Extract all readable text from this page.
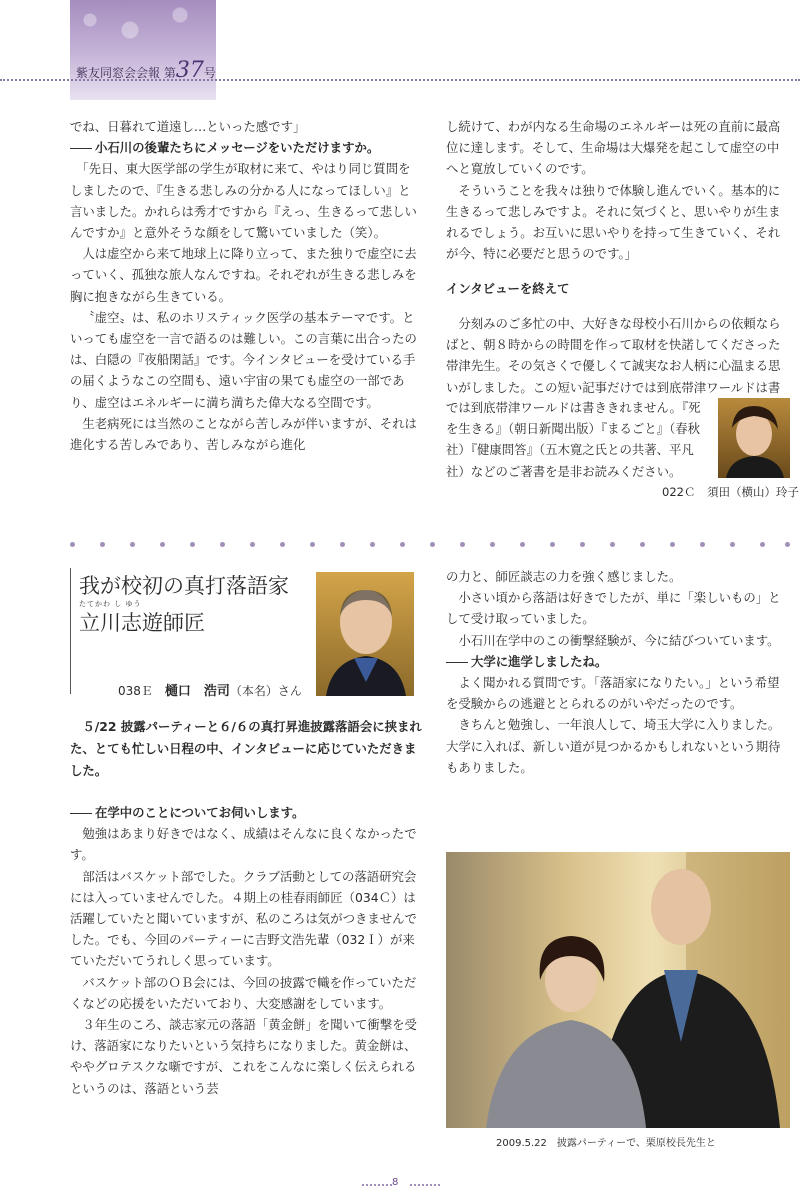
紫友同窓会会報 第37号

でね、日暮れて道遠し…といった感です」

小石川の後輩たちにメッセージをいただけますか。

「先日、東大医学部の学生が取材に来て、やはり同じ質問をしましたので、『生きる悲しみの分かる人になってほしい』と言いました。かれらは秀才ですから『えっ、生きるって悲しいんですか』と意外そうな顔をして驚いていました（笑）。

人は虚空から来て地球上に降り立って、また独りで虚空に去っていく、孤独な旅人なんですね。それぞれが生きる悲しみを胸に抱きながら生きている。

〝虚空〟は、私のホリスティック医学の基本テーマです。といっても虚空を一言で語るのは難しい。この言葉に出合ったのは、白隠の『夜船閑話』です。今インタビューを受けている手の届くようなこの空間も、遠い宇宙の果ても虚空の一部であり、虚空はエネルギーに満ち満ちた偉大なる空間です。

生老病死には当然のことながら苦しみが伴いますが、それは進化する苦しみであり、苦しみながら進化

し続けて、わが内なる生命場のエネルギーは死の直前に最高位に達します。そして、生命場は大爆発を起こして虚空の中へと寛放していくのです。

そういうことを我々は独りで体験し進んでいく。基本的に生きるって悲しみですよ。それに気づくと、思いやりが生まれるでしょう。お互いに思いやりを持って生きていく、それが今、特に必要だと思うのです。」

インタビューを終えて

分刻みのご多忙の中、大好きな母校小石川からの依頼ならばと、朝８時からの時間を作って取材を快諾してくださった帯津先生。その気さくで優しくて誠実なお人柄に心温まる思いがしました。この短い記事だけでは到底帯津ワールドは書

では到底帯津ワールドは書ききれません。『死を生きる』（朝日新聞出版）『まるごと』（春秋社）『健康問答』（五木寛之氏との共著、平凡社）などのご著書を是非お読みください。

022Ｃ　 須田（横山）玲子
我が校初の真打落語家
たてかわ し ゆう
立川志遊師匠
038Ｅ 樋口　浩司（本名）さん

５/22 披露パーティーと６/６の真打昇進披露落語会に挟まれた、とても忙しい日程の中、インタビューに応じていただきました。

在学中のことについてお伺いします。

勉強はあまり好きではなく、成績はそんなに良くなかったです。

部活はバスケット部でした。クラブ活動としての落語研究会には入っていませんでした。４期上の桂春雨師匠（034Ｃ）は活躍していたと聞いていますが、私のころは気がつきませんでした。でも、今回のパーティーに吉野文浩先輩（032Ｉ）が来ていただいてうれしく思っています。

バスケット部のＯＢ会には、今回の披露で幟を作っていただくなどの応援をいただいており、大変感謝をしています。

３年生のころ、談志家元の落語「黄金餅」を聞いて衝撃を受け、落語家になりたいという気持ちになりました。黄金餅は、ややグロテスクな噺ですが、これをこんなに楽しく伝えられるというのは、落語という芸

の力と、師匠談志の力を強く感じました。

小さい頃から落語は好きでしたが、単に「楽しいもの」として受け取っていました。

小石川在学中のこの衝撃経験が、今に結びついています。

大学に進学しましたね。

よく聞かれる質問です。「落語家になりたい。」という希望を受験からの逃避ととられるのがいやだったのです。

きちんと勉強し、一年浪人して、埼玉大学に入りました。大学に入れば、新しい道が見つかるかもしれないという期待もありました。

2009.5.22　披露パーティーで、栗原校長先生と
8
